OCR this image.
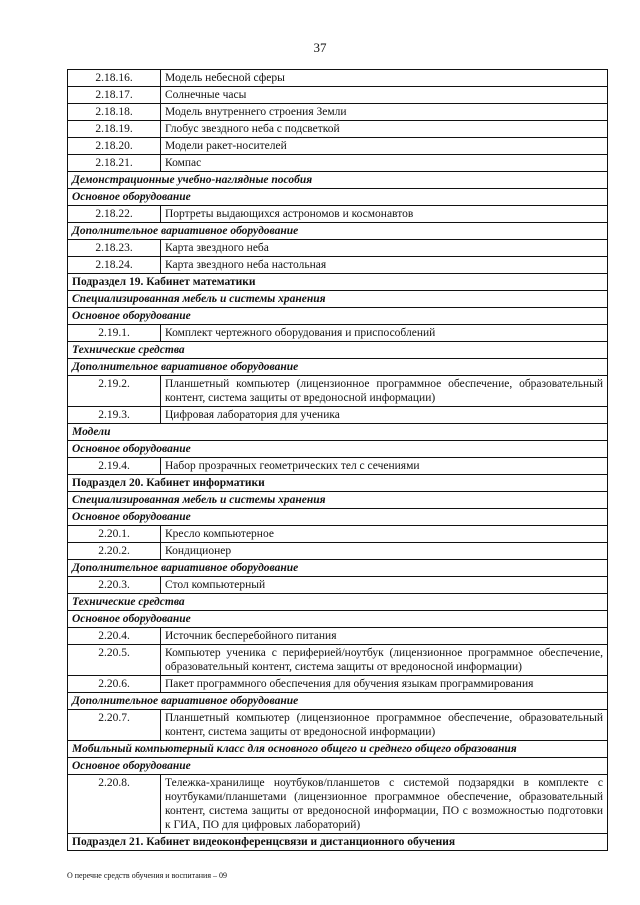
37
2.18.16.	Модель небесной сферы
2.18.17.	Солнечные часы
2.18.18.	Модель внутреннего строения Земли
2.18.19.	Глобус звездного неба с подсветкой
2.18.20.	Модели ракет-носителей
2.18.21.	Компас
Демонстрационные учебно-наглядные пособия	
Основное оборудование	
2.18.22.	Портреты выдающихся астрономов и космонавтов
Дополнительное вариативное оборудование	
2.18.23.	Карта звездного неба
2.18.24.	Карта звездного неба настольная
Подраздел 19. Кабинет математики	
Специализированная мебель и системы хранения	
Основное оборудование	
2.19.1.	Комплект чертежного оборудования и приспособлений
Технические средства	
Дополнительное вариативное оборудование	
2.19.2.	Планшетный компьютер (лицензионное программное обеспечение, образовательный контент, система защиты от вредоносной информации)
2.19.3.	Цифровая лаборатория для ученика
Модели	
Основное оборудование	
2.19.4.	Набор прозрачных геометрических тел с сечениями
Подраздел 20. Кабинет информатики	
Специализированная мебель и системы хранения	
Основное оборудование	
2.20.1.	Кресло компьютерное
2.20.2.	Кондиционер
Дополнительное вариативное оборудование	
2.20.3.	Стол компьютерный
Технические средства	
Основное оборудование	
2.20.4.	Источник бесперебойного питания
2.20.5.	Компьютер ученика с периферией/ноутбук (лицензионное программное обеспечение, образовательный контент, система защиты от вредоносной информации)
2.20.6.	Пакет программного обеспечения для обучения языкам программирования
Дополнительное вариативное оборудование	
2.20.7.	Планшетный компьютер (лицензионное программное обеспечение, образовательный контент, система защиты от вредоносной информации)
Мобильный компьютерный класс для основного общего и среднего общего образования	
Основное оборудование	
2.20.8.	Тележка-хранилище ноутбуков/планшетов с системой подзарядки в комплекте с ноутбуками/планшетами (лицензионное программное обеспечение, образовательный контент, система защиты от вредоносной информации, ПО с возможностью подготовки к ГИА, ПО для цифровых лабораторий)
Подраздел 21. Кабинет видеоконференцсвязи и дистанционного обучения	
О перечне средств обучения и воспитания – 09
